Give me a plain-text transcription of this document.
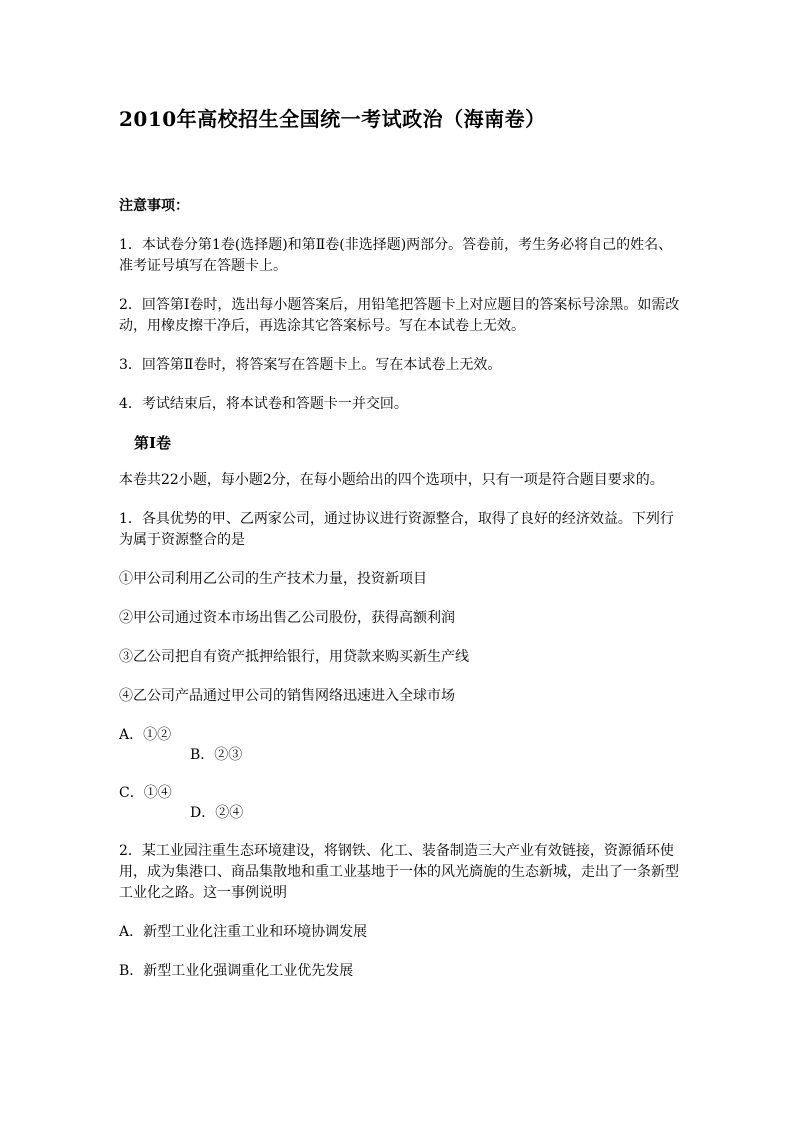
2010年高校招生全国统一考试政治（海南卷）

注意事项：

1．本试卷分第1卷(选择题)和第Ⅱ卷(非选择题)两部分。答卷前，考生务必将自己的姓名、准考证号填写在答题卡上。

2．回答第Ⅰ卷时，选出每小题答案后，用铅笔把答题卡上对应题目的答案标号涂黑。如需改动，用橡皮擦干净后，再选涂其它答案标号。写在本试卷上无效。

3．回答第Ⅱ卷时，将答案写在答题卡上。写在本试卷上无效。

4．考试结束后，将本试卷和答题卡一并交回。

第Ⅰ卷

本卷共22小题，每小题2分，在每小题给出的四个选项中，只有一项是符合题目要求的。

1．各具优势的甲、乙两家公司，通过协议进行资源整合，取得了良好的经济效益。下列行为属于资源整合的是

①甲公司利用乙公司的生产技术力量，投资新项目

②甲公司通过资本市场出售乙公司股份，获得高额利润

③乙公司把自有资产抵押给银行，用贷款来购买新生产线

④乙公司产品通过甲公司的销售网络迅速进入全球市场

A．①②

B．②③

C．①④

D．②④

2．某工业园注重生态环境建设，将钢铁、化工、装备制造三大产业有效链接，资源循环使用，成为集港口、商品集散地和重工业基地于一体的风光旖旎的生态新城，走出了一条新型工业化之路。这一事例说明

A．新型工业化注重工业和环境协调发展

B．新型工业化强调重化工业优先发展
